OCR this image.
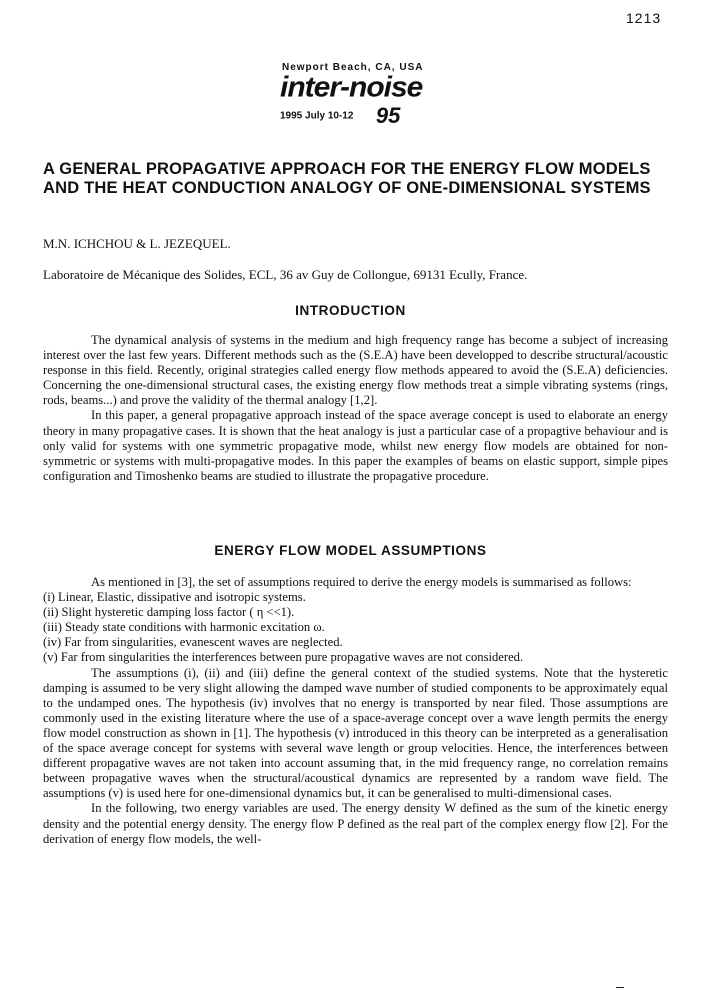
1213
Newport Beach, CA, USA
inter-noise
1995 July 10-12 95
A GENERAL PROPAGATIVE APPROACH FOR THE ENERGY FLOW MODELS AND THE HEAT CONDUCTION ANALOGY OF ONE-DIMENSIONAL SYSTEMS
M.N. ICHCHOU & L. JEZEQUEL.
Laboratoire de Mécanique des Solides, ECL, 36 av Guy de Collongue, 69131 Ecully, France.
INTRODUCTION

The dynamical analysis of systems in the medium and high frequency range has become a subject of increasing interest over the last few years. Different methods such as the (S.E.A) have been developped to describe structural/acoustic response in this field. Recently, original strategies called energy flow methods appeared to avoid the (S.E.A) deficiencies. Concerning the one-dimensional structural cases, the existing energy flow methods treat a simple vibrating systems (rings, rods, beams...) and prove the validity of the thermal analogy [1,2].

In this paper, a general propagative approach instead of the space average concept is used to elaborate an energy theory in many propagative cases. It is shown that the heat analogy is just a particular case of a propagtive behaviour and is only valid for systems with one symmetric propagative mode, whilst new energy flow models are obtained for non-symmetric or systems with multi-propagative modes. In this paper the examples of beams on elastic support, simple pipes configuration and Timoshenko beams are studied to illustrate the propagative procedure.

ENERGY FLOW MODEL ASSUMPTIONS

As mentioned in [3], the set of assumptions required to derive the energy models is summarised as follows:

(i) Linear, Elastic, dissipative and isotropic systems.
(ii) Slight hysteretic damping loss factor ( η <<1).
(iii) Steady state conditions with harmonic excitation ω.
(iv) Far from singularities, evanescent waves are neglected.
(v) Far from singularities the interferences between pure propagative waves are not considered.

The assumptions (i), (ii) and (iii) define the general context of the studied systems. Note that the hysteretic damping is assumed to be very slight allowing the damped wave number of studied components to be approximately equal to the undamped ones. The hypothesis (iv) involves that no energy is transported by near filed. Those assumptions are commonly used in the existing literature where the use of a space-average concept over a wave length permits the energy flow model construction as shown in [1]. The hypothesis (v) introduced in this theory can be interpreted as a generalisation of the space average concept for systems with several wave length or group velocities. Hence, the interferences between different propagative waves are not taken into account assuming that, in the mid frequency range, no correlation remains between propagative waves when the structural/acoustical dynamics are represented by a random wave field. The assumptions (v) is used here for one-dimensional dynamics but, it can be generalised to multi-dimensional cases.

In the following, two energy variables are used. The energy density W defined as the sum of the kinetic energy density and the potential energy density. The energy flow P defined as the real part of the complex energy flow [2]. For the derivation of energy flow models, the well-
